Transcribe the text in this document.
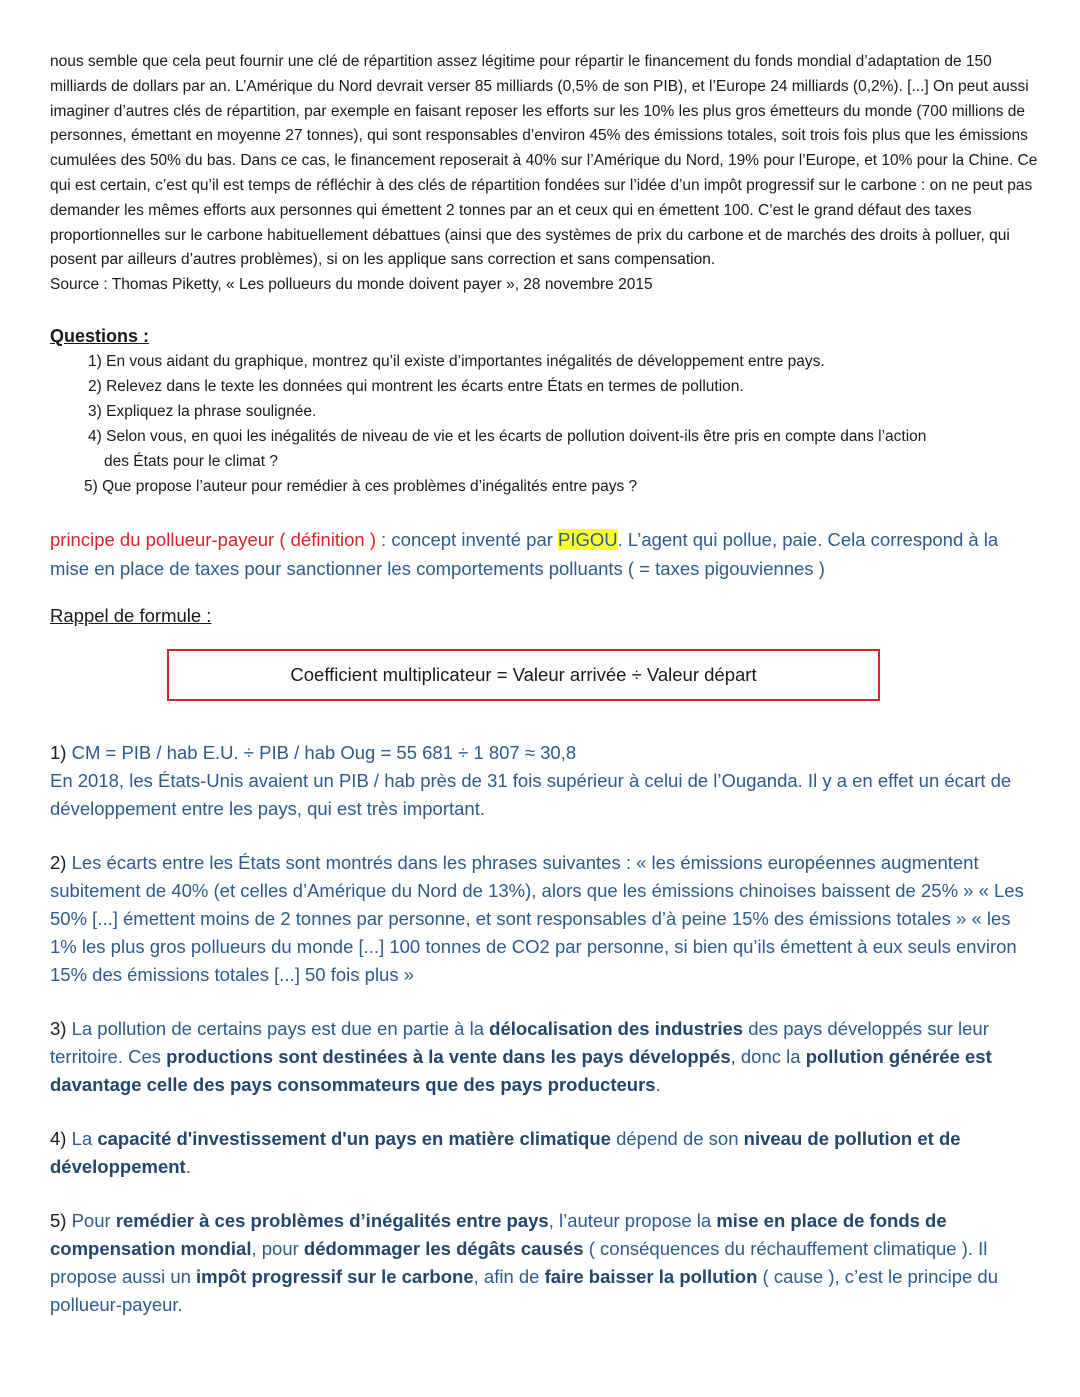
nous semble que cela peut fournir une clé de répartition assez légitime pour répartir le financement du fonds mondial d’adaptation de 150 milliards de dollars par an. L’Amérique du Nord devrait verser 85 milliards (0,5% de son PIB), et l’Europe 24 milliards (0,2%). [...] On peut aussi imaginer d’autres clés de répartition, par exemple en faisant reposer les efforts sur les 10% les plus gros émetteurs du monde (700 millions de personnes, émettant en moyenne 27 tonnes), qui sont responsables d’environ 45% des émissions totales, soit trois fois plus que les émissions cumulées des 50% du bas. Dans ce cas, le financement reposerait à 40% sur l’Amérique du Nord, 19% pour l’Europe, et 10% pour la Chine. Ce qui est certain, c’est qu’il est temps de réfléchir à des clés de répartition fondées sur l’idée d’un impôt progressif sur le carbone : on ne peut pas demander les mêmes efforts aux personnes qui émettent 2 tonnes par an et ceux qui en émettent 100. C’est le grand défaut des taxes proportionnelles sur le carbone habituellement débattues (ainsi que des systèmes de prix du carbone et de marchés des droits à polluer, qui posent par ailleurs d’autres problèmes), si on les applique sans correction et sans compensation.

Source : Thomas Piketty, « Les pollueurs du monde doivent payer », 28 novembre 2015

Questions :
1) En vous aidant du graphique, montrez qu’il existe d’importantes inégalités de développement entre pays.
2) Relevez dans le texte les données qui montrent les écarts entre États en termes de pollution.
3) Expliquez la phrase soulignée.
4) Selon vous, en quoi les inégalités de niveau de vie et les écarts de pollution doivent-ils être pris en compte dans l’action
des États pour le climat ?
5) Que propose l’auteur pour remédier à ces problèmes d’inégalités entre pays ?
principe du pollueur-payeur ( définition ) : concept inventé par PIGOU. L’agent qui pollue, paie. Cela correspond à la mise en place de taxes pour sanctionner les comportements polluants ( = taxes pigouviennes )
Rappel de formule :
Coefficient multiplicateur = Valeur arrivée ÷ Valeur départ
1) CM = PIB / hab E.U. ÷ PIB / hab Oug = 55 681 ÷ 1 807 ≈ 30,8
En 2018, les États-Unis avaient un PIB / hab près de 31 fois supérieur à celui de l’Ouganda. Il y a en effet un écart de développement entre les pays, qui est très important.
2) Les écarts entre les États sont montrés dans les phrases suivantes : « les émissions européennes augmentent subitement de 40% (et celles d’Amérique du Nord de 13%), alors que les émissions chinoises baissent de 25% » « Les 50% [...] émettent moins de 2 tonnes par personne, et sont responsables d’à peine 15% des émissions totales » « les 1% les plus gros pollueurs du monde [...] 100 tonnes de CO2 par personne, si bien qu’ils émettent à eux seuls environ 15% des émissions totales [...] 50 fois plus »
3) La pollution de certains pays est due en partie à la délocalisation des industries des pays développés sur leur territoire. Ces productions sont destinées à la vente dans les pays développés, donc la pollution générée est davantage celle des pays consommateurs que des pays producteurs.
4) La capacité d'investissement d'un pays en matière climatique dépend de son niveau de pollution et de développement.
5) Pour remédier à ces problèmes d’inégalités entre pays, l’auteur propose la mise en place de fonds de compensation mondial, pour dédommager les dégâts causés ( conséquences du réchauffement climatique ). Il propose aussi un impôt progressif sur le carbone, afin de faire baisser la pollution ( cause ), c’est le principe du pollueur-payeur.
